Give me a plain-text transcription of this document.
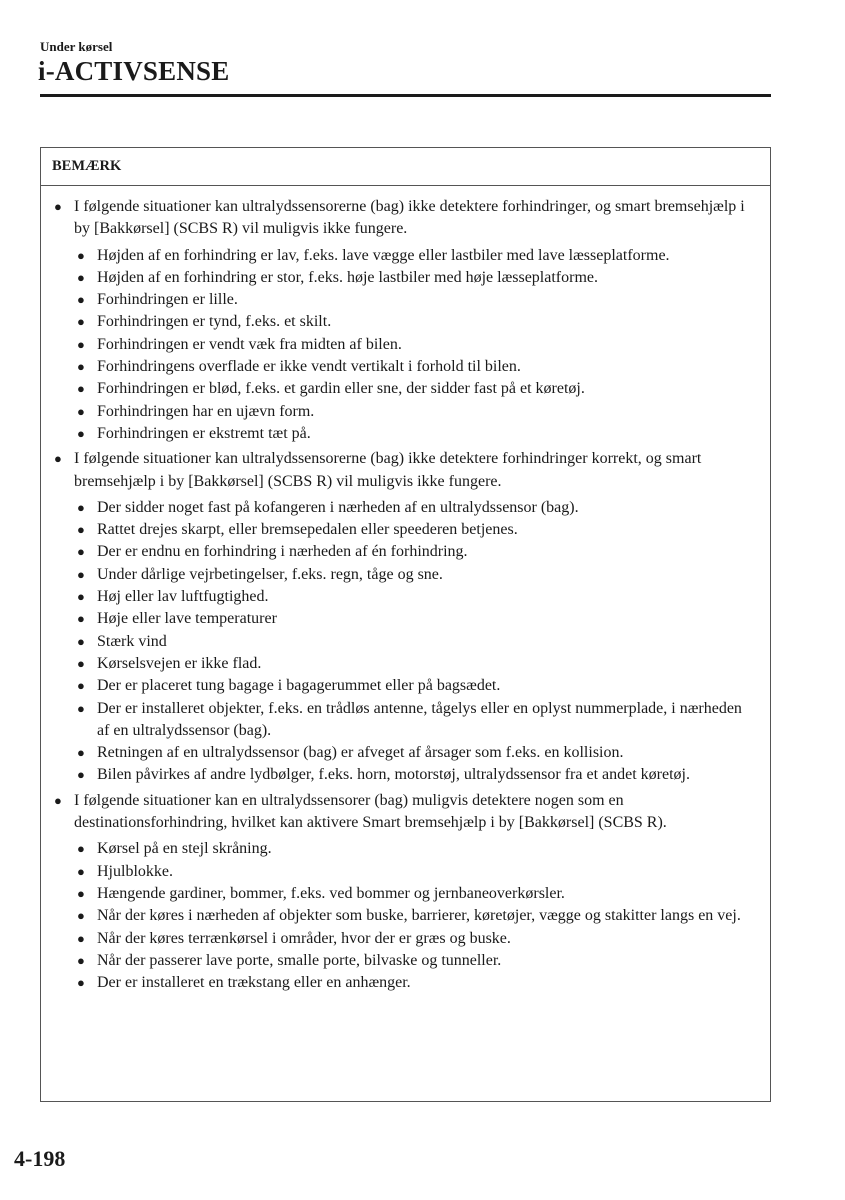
Under kørsel
i-ACTIVSENSE
BEMÆRK
● I følgende situationer kan ultralydssensorerne (bag) ikke detektere forhindringer, og smart bremsehjælp i by [Bakkørsel] (SCBS R) vil muligvis ikke fungere.

● Højden af en forhindring er lav, f.eks. lave vægge eller lastbiler med lave læsseplatforme.
● Højden af en forhindring er stor, f.eks. høje lastbiler med høje læsseplatforme.
● Forhindringen er lille.
● Forhindringen er tynd, f.eks. et skilt.
● Forhindringen er vendt væk fra midten af bilen.
● Forhindringens overflade er ikke vendt vertikalt i forhold til bilen.
● Forhindringen er blød, f.eks. et gardin eller sne, der sidder fast på et køretøj.
● Forhindringen har en ujævn form.
● Forhindringen er ekstremt tæt på.
● I følgende situationer kan ultralydssensorerne (bag) ikke detektere forhindringer korrekt, og smart bremsehjælp i by [Bakkørsel] (SCBS R) vil muligvis ikke fungere.

● Der sidder noget fast på kofangeren i nærheden af en ultralydssensor (bag).
● Rattet drejes skarpt, eller bremsepedalen eller speederen betjenes.
● Der er endnu en forhindring i nærheden af én forhindring.
● Under dårlige vejrbetingelser, f.eks. regn, tåge og sne.
● Høj eller lav luftfugtighed.
● Høje eller lave temperaturer
● Stærk vind
● Kørselsvejen er ikke flad.
● Der er placeret tung bagage i bagagerummet eller på bagsædet.
● Der er installeret objekter, f.eks. en trådløs antenne, tågelys eller en oplyst nummerplade, i nærheden af en ultralydssensor (bag).
● Retningen af en ultralydssensor (bag) er afveget af årsager som f.eks. en kollision.
● Bilen påvirkes af andre lydbølger, f.eks. horn, motorstøj, ultralydssensor fra et andet køretøj.
● I følgende situationer kan en ultralydssensorer (bag) muligvis detektere nogen som en destinationsforhindring, hvilket kan aktivere Smart bremsehjælp i by [Bakkørsel] (SCBS R).

● Kørsel på en stejl skråning.
● Hjulblokke.
● Hængende gardiner, bommer, f.eks. ved bommer og jernbaneoverkørsler.
● Når der køres i nærheden af objekter som buske, barrierer, køretøjer, vægge og stakitter langs en vej.
● Når der køres terrænkørsel i områder, hvor der er græs og buske.
● Når der passerer lave porte, smalle porte, bilvaske og tunneller.
● Der er installeret en trækstang eller en anhænger.
4-198
